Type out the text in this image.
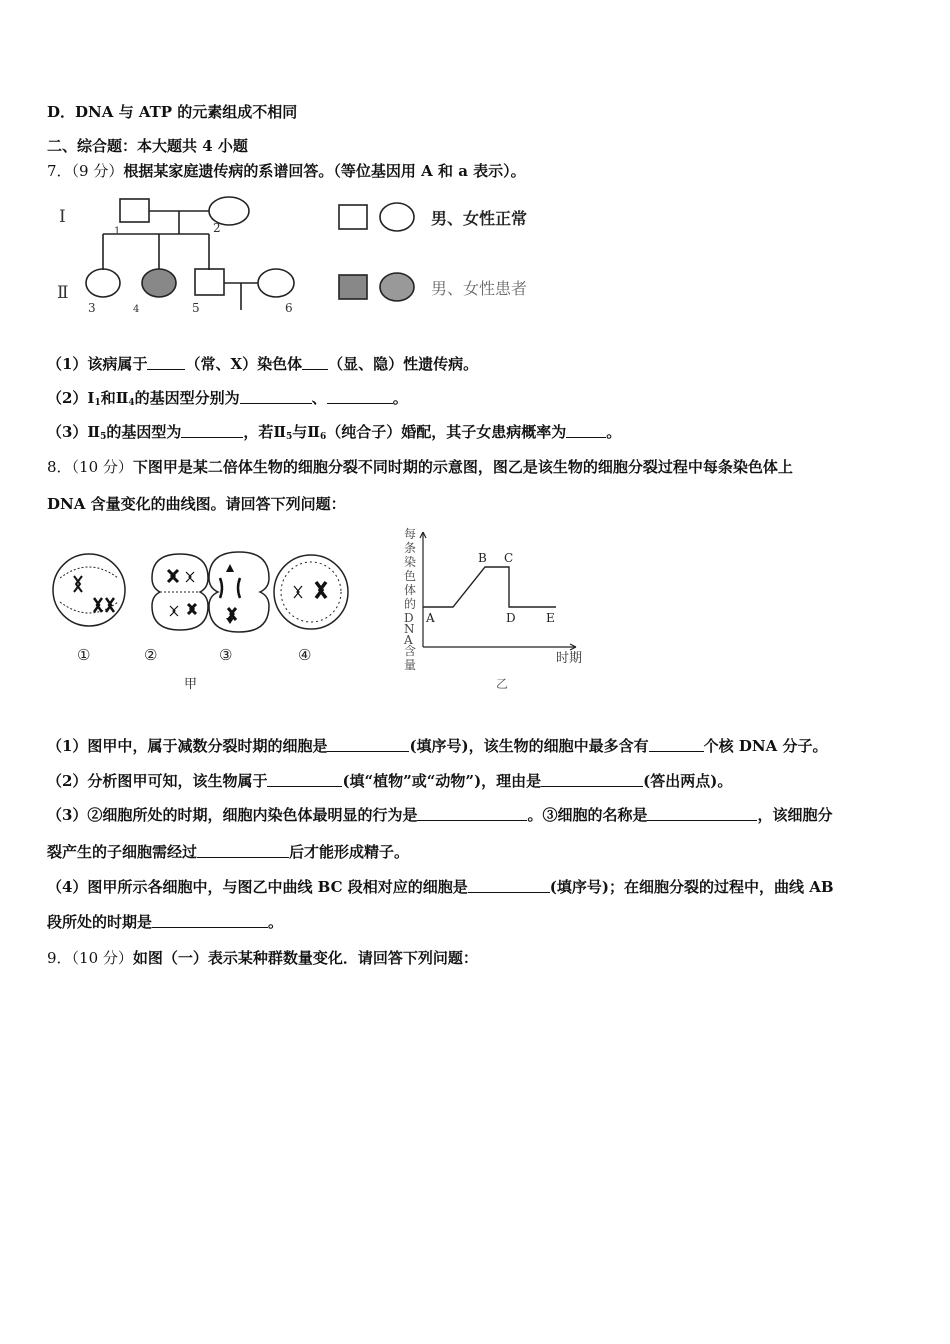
D．DNA 与 ATP 的元素组成不相同
二、综合题：本大题共 4 小题
7．（9 分）根据某家庭遗传病的系谱回答。（等位基因用 A 和 a 表示）。
Ⅰ
Ⅱ
1	2
3	4	5	6
男、女性正常
男、女性患者
（1）该病属于	（常、X）染色体 （显、隐）性遗传病。
$(2)Ⅰ_1$和$Ⅱ_4$的基因型分别为	、	。
$(3)Ⅱ_5$的基因型为	，若$Ⅱ_5$与$Ⅱ_6$（纯合子）婚配，其子女患病概率为	。
8．（10 分）下图甲是某二倍体生物的细胞分裂不同时期的示意图，图乙是该生物的细胞分裂过程中每条染色体上
DNA 含量变化的曲线图。请回答下列问题：
①	②	③	④
甲
A
B C
D	E
每条染色体的 D N A 含量	时期
乙
（1）图甲中，属于减数分裂时期的细胞是	(填序号)，该生物的细胞中最多含有	个核 DNA 分子。
（2）分析图甲可知，该生物属于	(填“植物”或“动物”)，理由是	(答出两点)。
（3）②细胞所处的时期，细胞内染色体最明显的行为是	。③细胞的名称是	，该细胞分
裂产生的子细胞需经过	后才能形成精子。
（4）图甲所示各细胞中，与图乙中曲线 BC 段相对应的细胞是	(填序号)；在细胞分裂的过程中，曲线 AB
段所处的时期是	。
9．（10 分）如图（一）表示某种群数量变化．请回答下列问题：
